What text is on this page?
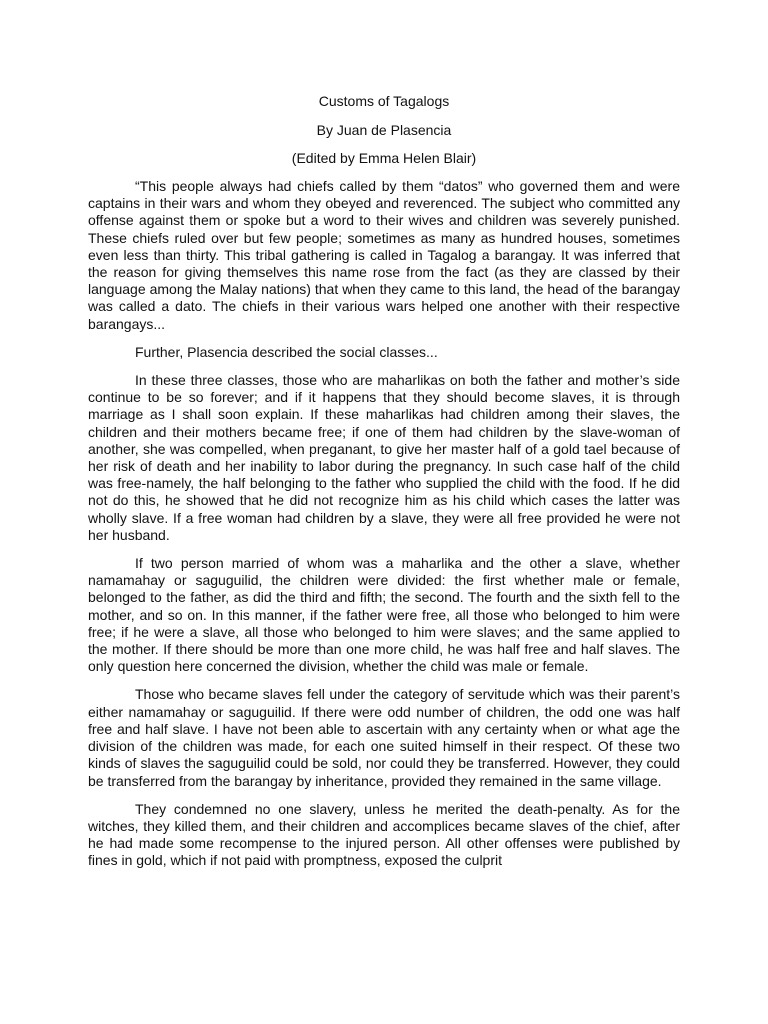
Customs of Tagalogs

By Juan de Plasencia

(Edited by Emma Helen Blair)

“This people always had chiefs called by them “datos” who governed them and were captains in their wars and whom they obeyed and reverenced. The subject who committed any offense against them or spoke but a word to their wives and children was severely punished. These chiefs ruled over but few people; sometimes as many as hundred houses, sometimes even less than thirty. This tribal gathering is called in Tagalog a barangay. It was inferred that the reason for giving themselves this name rose from the fact (as they are classed by their language among the Malay nations) that when they came to this land, the head of the barangay was called a dato. The chiefs in their various wars helped one another with their respective barangays...

Further, Plasencia described the social classes...

In these three classes, those who are maharlikas on both the father and mother’s side continue to be so forever; and if it happens that they should become slaves, it is through marriage as I shall soon explain. If these maharlikas had children among their slaves, the children and their mothers became free; if one of them had children by the slave-woman of another, she was compelled, when preganant, to give her master half of a gold tael because of her risk of death and her inability to labor during the pregnancy. In such case half of the child was free-namely, the half belonging to the father who supplied the child with the food. If he did not do this, he showed that he did not recognize him as his child which cases the latter was wholly slave. If a free woman had children by a slave, they were all free provided he were not her husband.

If two person married of whom was a maharlika and the other a slave, whether namamahay or saguguilid, the children were divided: the first whether male or female, belonged to the father, as did the third and fifth; the second. The fourth and the sixth fell to the mother, and so on. In this manner, if the father were free, all those who belonged to him were free; if he were a slave, all those who belonged to him were slaves; and the same applied to the mother. If there should be more than one more child, he was half free and half slaves. The only question here concerned the division, whether the child was male or female.

Those who became slaves fell under the category of servitude which was their parent’s either namamahay or saguguilid. If there were odd number of children, the odd one was half free and half slave. I have not been able to ascertain with any certainty when or what age the division of the children was made, for each one suited himself in their respect. Of these two kinds of slaves the saguguilid could be sold, nor could they be transferred. However, they could be transferred from the barangay by inheritance, provided they remained in the same village.

They condemned no one slavery, unless he merited the death-penalty. As for the witches, they killed them, and their children and accomplices became slaves of the chief, after he had made some recompense to the injured person. All other offenses were published by fines in gold, which if not paid with promptness, exposed the culprit
